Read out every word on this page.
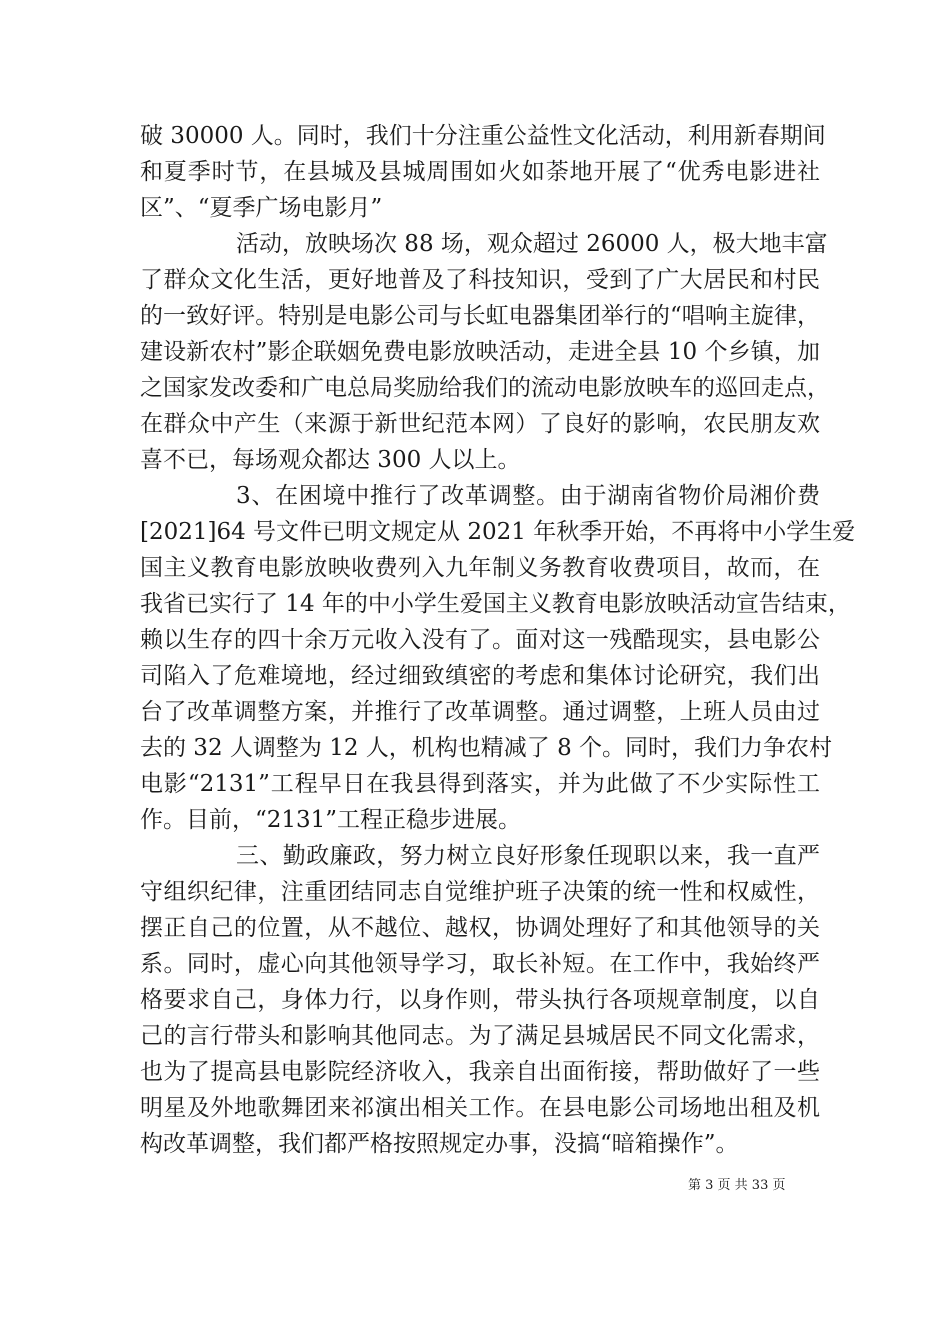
破 30000 人。同时，我们十分注重公益性文化活动，利用新春期间
和夏季时节，在县城及县城周围如火如荼地开展了“优秀电影进社
区”、“夏季广场电影月”
活动，放映场次 88 场，观众超过 26000 人，极大地丰富
了群众文化生活，更好地普及了科技知识，受到了广大居民和村民
的一致好评。特别是电影公司与长虹电器集团举行的“唱响主旋律，
建设新农村”影企联姻免费电影放映活动，走进全县 10 个乡镇，加
之国家发改委和广电总局奖励给我们的流动电影放映车的巡回走点，
在群众中产生（来源于新世纪范本网）了良好的影响，农民朋友欢
喜不已，每场观众都达 300 人以上。
3、在困境中推行了改革调整。由于湖南省物价局湘价费
[2021]64 号文件已明文规定从 2021 年秋季开始，不再将中小学生爱
国主义教育电影放映收费列入九年制义务教育收费项目，故而，在
我省已实行了 14 年的中小学生爱国主义教育电影放映活动宣告结束，
赖以生存的四十余万元收入没有了。面对这一残酷现实，县电影公
司陷入了危难境地，经过细致缜密的考虑和集体讨论研究，我们出
台了改革调整方案，并推行了改革调整。通过调整，上班人员由过
去的 32 人调整为 12 人，机构也精减了 8 个。同时，我们力争农村
电影“2131”工程早日在我县得到落实，并为此做了不少实际性工
作。目前，“2131”工程正稳步进展。
三、勤政廉政，努力树立良好形象任现职以来，我一直严
守组织纪律，注重团结同志自觉维护班子决策的统一性和权威性，
摆正自己的位置，从不越位、越权，协调处理好了和其他领导的关
系。同时，虚心向其他领导学习，取长补短。在工作中，我始终严
格要求自己，身体力行，以身作则，带头执行各项规章制度，以自
己的言行带头和影响其他同志。为了满足县城居民不同文化需求，
也为了提高县电影院经济收入，我亲自出面衔接，帮助做好了一些
明星及外地歌舞团来祁演出相关工作。在县电影公司场地出租及机
构改革调整，我们都严格按照规定办事，没搞“暗箱操作”。
第 3 页 共 33 页
